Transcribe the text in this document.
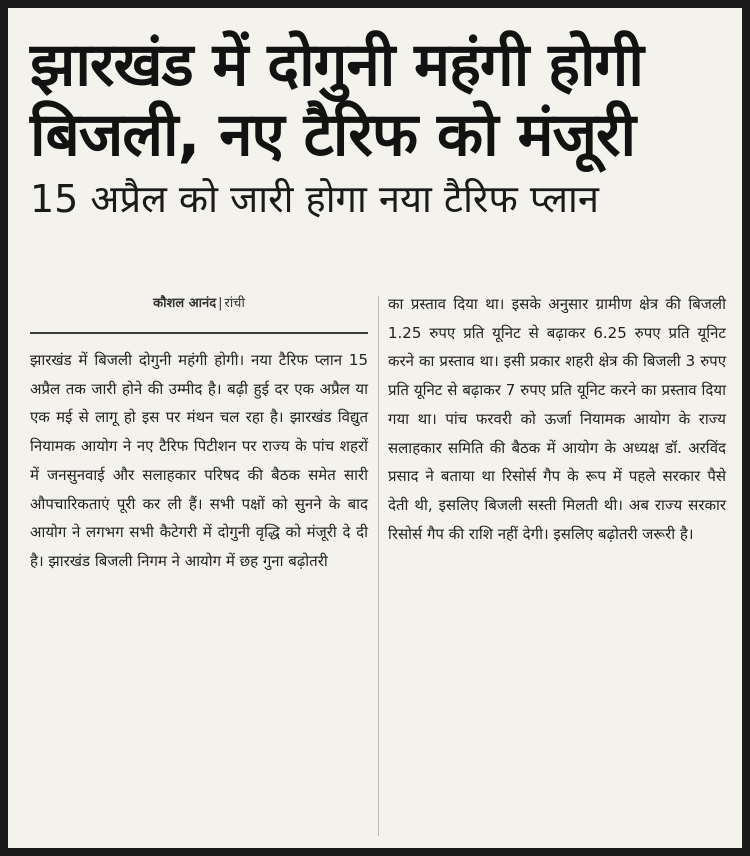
झारखंड में दोगुनी महंगी होगी
बिजली, नए टैरिफ को मंजूरी
15 अप्रैल को जारी होगा नया टैरिफ प्लान
कौशल आनंद | रांची
झारखंड में बिजली दोगुनी महंगी होगी। नया टैरिफ प्लान 15 अप्रैल तक जारी होने की उम्मीद है। बढ़ी हुई दर एक अप्रैल या एक मई से लागू हो इस पर मंथन चल रहा है। झारखंड विद्युत नियामक आयोग ने नए टैरिफ पिटीशन पर राज्य के पांच शहरों में जनसुनवाई और सलाहकार परिषद की बैठक समेत सारी औपचारिकताएं पूरी कर ली हैं। सभी पक्षों को सुनने के बाद आयोग ने लगभग सभी कैटेगरी में दोगुनी वृद्धि को मंजूरी दे दी है। झारखंड बिजली निगम ने आयोग में छह गुना बढ़ोतरी
का प्रस्ताव दिया था। इसके अनुसार ग्रामीण क्षेत्र की बिजली 1.25 रुपए प्रति यूनिट से बढ़ाकर 6.25 रुपए प्रति यूनिट करने का प्रस्ताव था। इसी प्रकार शहरी क्षेत्र की बिजली 3 रुपए प्रति यूनिट से बढ़ाकर 7 रुपए प्रति यूनिट करने का प्रस्ताव दिया गया था। पांच फरवरी को ऊर्जा नियामक आयोग के राज्य सलाहकार समिति की बैठक में आयोग के अध्यक्ष डॉ. अरविंद प्रसाद ने बताया था रिसोर्स गैप के रूप में पहले सरकार पैसे देती थी, इसलिए बिजली सस्ती मिलती थी। अब राज्य सरकार रिसोर्स गैप की राशि नहीं देगी। इसलिए बढ़ोतरी जरूरी है।
